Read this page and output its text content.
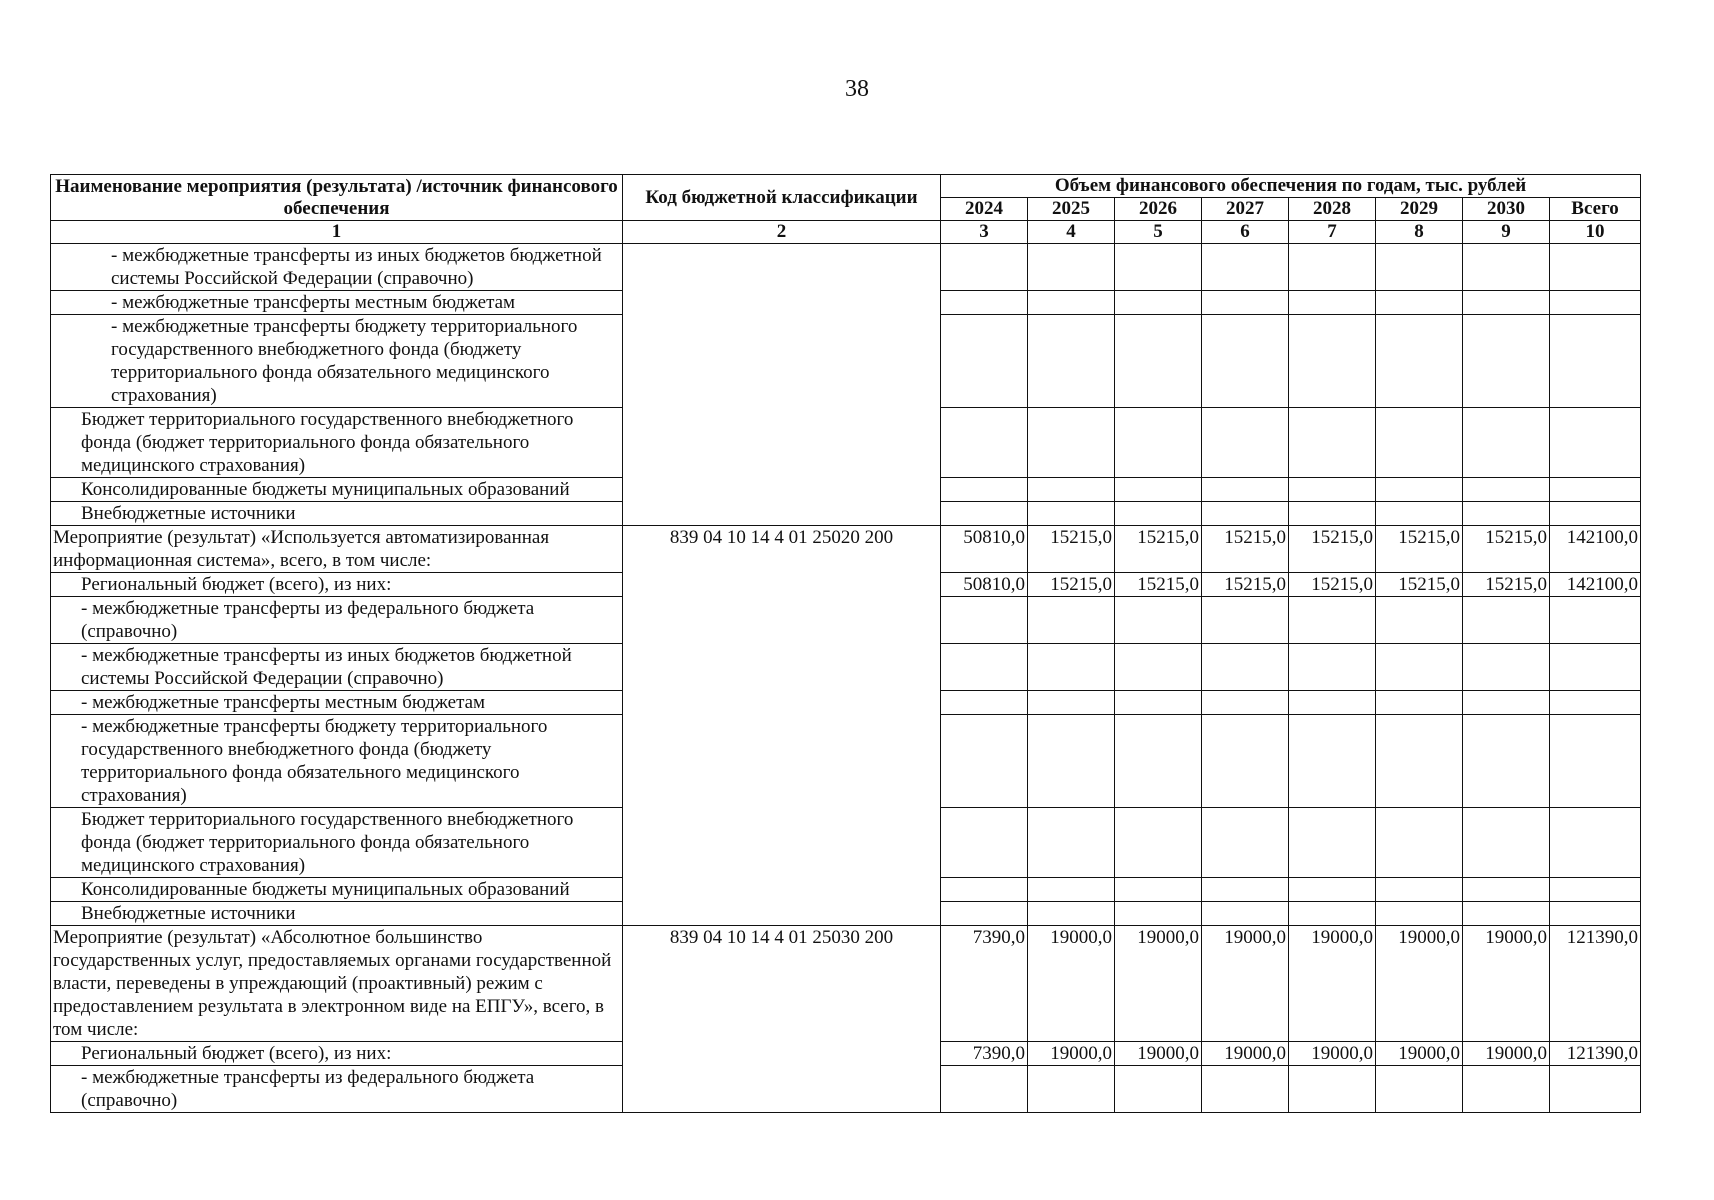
38
Наименование мероприятия (результата) /источник финансового обеспечения	Код бюджетной классификации	Объем финансового обеспечения по годам, тыс. рублей							
		2024	2025	2026	2027	2028	2029	2030	Всего
1	2	3	4	5	6	7	8	9	10
- межбюджетные трансферты из иных бюджетов бюджетной системы Российской Федерации (справочно)									
- межбюджетные трансферты местным бюджетам									
- межбюджетные трансферты бюджету территориального государственного внебюджетного фонда (бюджету территориального фонда обязательного медицинского страхования)									
Бюджет территориального государственного внебюджетного фонда (бюджет территориального фонда обязательного медицинского страхования)									
Консолидированные бюджеты муниципальных образований									
Внебюджетные источники									
Мероприятие (результат) «Используется автоматизированная информационная система», всего, в том числе:	839 04 10 14 4 01 25020 200	50810,0	15215,0	15215,0	15215,0	15215,0	15215,0	15215,0	142100,0
Региональный бюджет (всего), из них:		50810,0	15215,0	15215,0	15215,0	15215,0	15215,0	15215,0	142100,0
- межбюджетные трансферты из федерального бюджета (справочно)									
- межбюджетные трансферты из иных бюджетов бюджетной системы Российской Федерации (справочно)									
- межбюджетные трансферты местным бюджетам									
- межбюджетные трансферты бюджету территориального государственного внебюджетного фонда (бюджету территориального фонда обязательного медицинского страхования)									
Бюджет территориального государственного внебюджетного фонда (бюджет территориального фонда обязательного медицинского страхования)									
Консолидированные бюджеты муниципальных образований									
Внебюджетные источники									
Мероприятие (результат) «Абсолютное большинство государственных услуг, предоставляемых органами государственной власти, переведены в упреждающий (проактивный) режим с предоставлением результата в электронном виде на ЕПГУ», всего, в том числе:	839 04 10 14 4 01 25030 200	7390,0	19000,0	19000,0	19000,0	19000,0	19000,0	19000,0	121390,0
Региональный бюджет (всего), из них:		7390,0	19000,0	19000,0	19000,0	19000,0	19000,0	19000,0	121390,0
- межбюджетные трансферты из федерального бюджета (справочно)									
